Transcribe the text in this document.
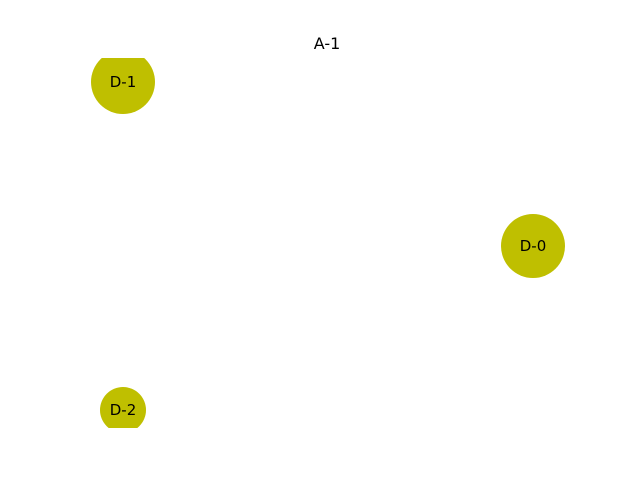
A-1
D-1
D-0
D-2
